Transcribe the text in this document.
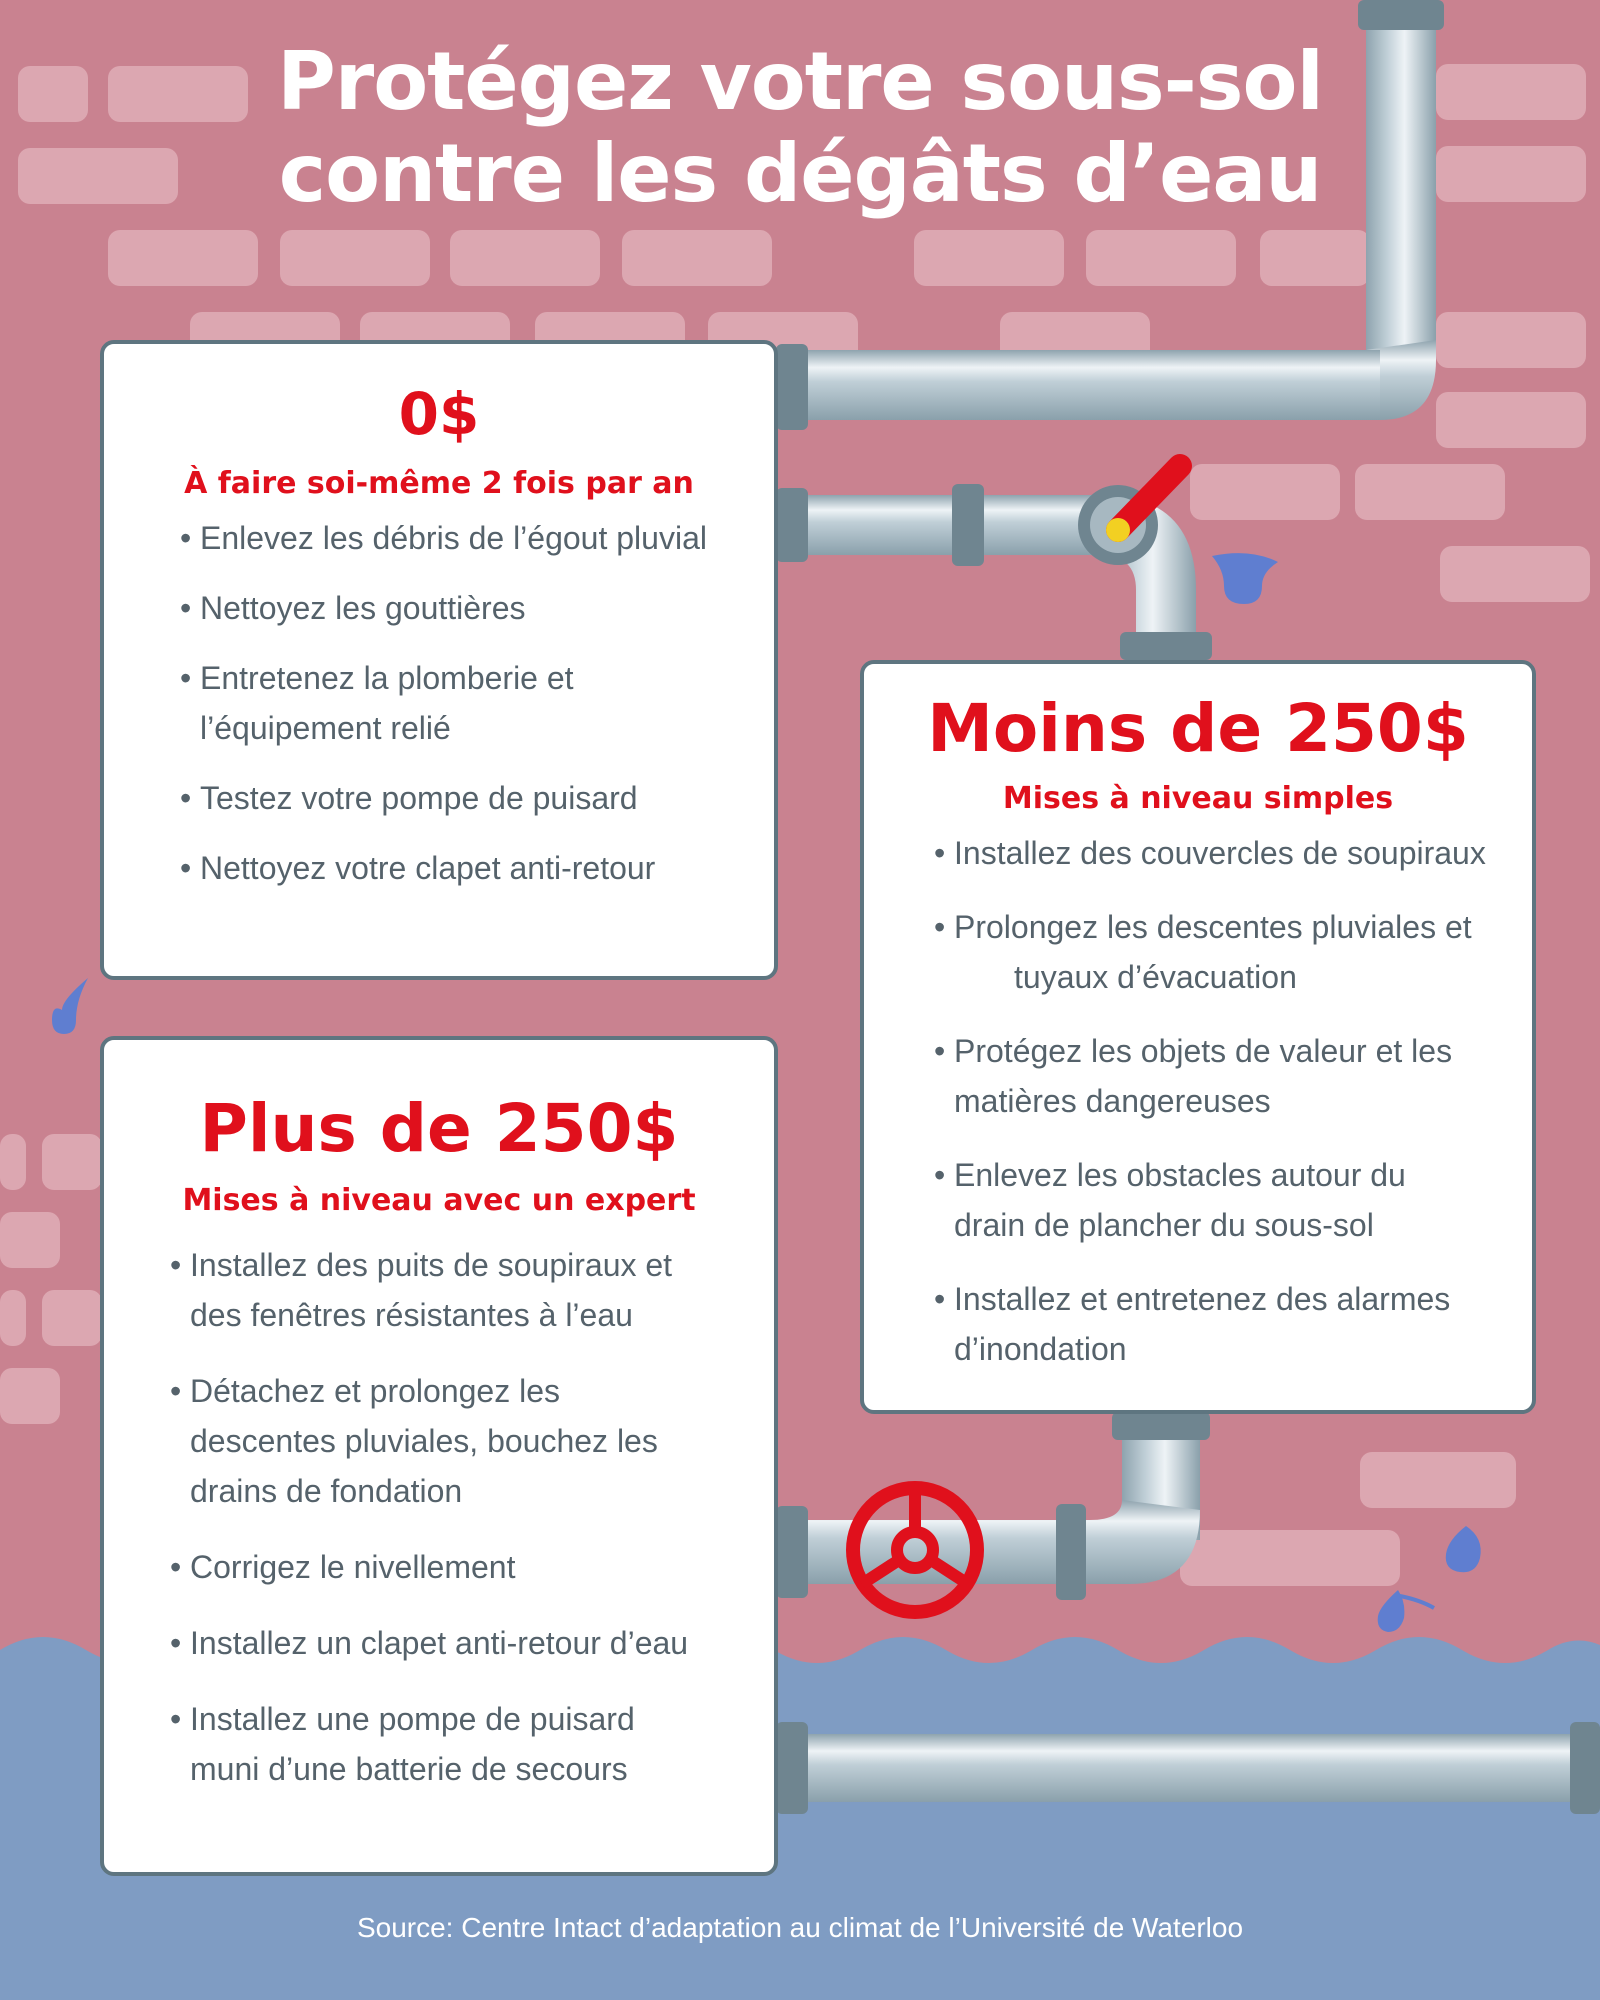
Protégez votre sous-sol
contre les dégâts d’eau
0$
À faire soi-même 2 fois par an
• Enlevez les débris de l’égout pluvial
• Nettoyez les gouttières
• Entretenez la plomberie et
l’équipement relié
• Testez votre pompe de puisard
• Nettoyez votre clapet anti-retour
Moins de 250$
Mises à niveau simples
• Installez des couvercles de soupiraux
• Prolongez les descentes pluviales et
tuyaux d’évacuation
• Protégez les objets de valeur et les
matières dangereuses
• Enlevez les obstacles autour du
drain de plancher du sous-sol
• Installez et entretenez des alarmes
d’inondation
Plus de 250$
Mises à niveau avec un expert
• Installez des puits de soupiraux et
des fenêtres résistantes à l’eau
• Détachez et prolongez les
descentes pluviales, bouchez les
drains de fondation
• Corrigez le nivellement
• Installez un clapet anti-retour d’eau
• Installez une pompe de puisard
muni d’une batterie de secours
Source: Centre Intact d’adaptation au climat de l’Université de Waterloo
